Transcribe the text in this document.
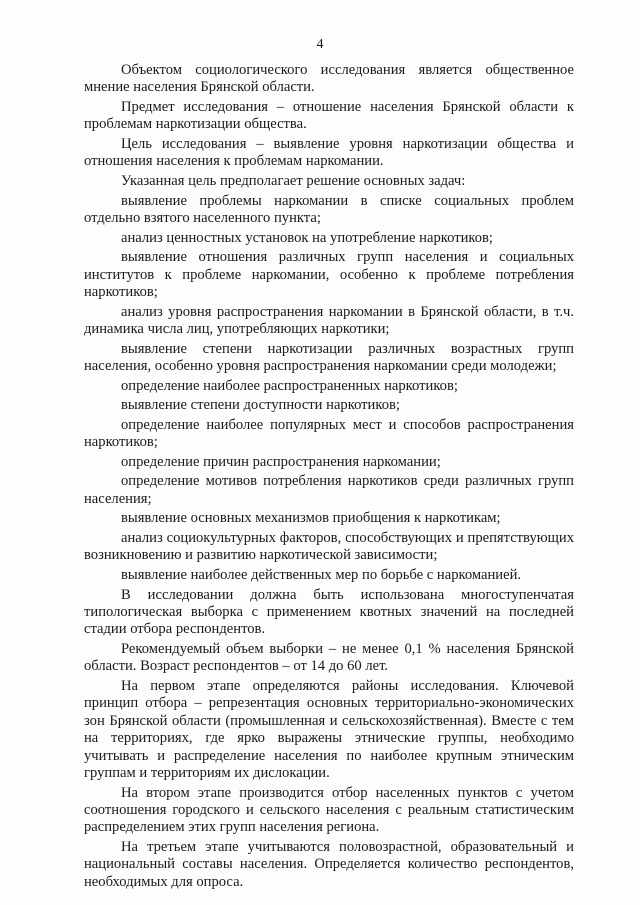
4

Объектом социологического исследования является общественное мнение населения Брянской области.

Предмет исследования – отношение населения Брянской области к проблемам наркотизации общества.

Цель исследования – выявление уровня наркотизации общества и отношения населения к проблемам наркомании.

Указанная цель предполагает решение основных задач:

выявление проблемы наркомании в списке социальных проблем отдельно взятого населенного пункта;

анализ ценностных установок на употребление наркотиков;

выявление отношения различных групп населения и социальных институтов к проблеме наркомании, особенно к проблеме потребления наркотиков;

анализ уровня распространения наркомании в Брянской области, в т.ч. динамика числа лиц, употребляющих наркотики;

выявление степени наркотизации различных возрастных групп населения, особенно уровня распространения наркомании среди молодежи;

определение наиболее распространенных наркотиков;

выявление степени доступности наркотиков;

определение наиболее популярных мест и способов распространения наркотиков;

определение причин распространения наркомании;

определение мотивов потребления наркотиков среди различных групп населения;

выявление основных механизмов приобщения к наркотикам;

анализ социокультурных факторов, способствующих и препятствующих возникновению и развитию наркотической зависимости;

выявление наиболее действенных мер по борьбе с наркоманией.

В исследовании должна быть использована многоступенчатая типологическая выборка с применением квотных значений на последней стадии отбора респондентов.

Рекомендуемый объем выборки – не менее 0,1 % населения Брянской области. Возраст респондентов – от 14 до 60 лет.

На первом этапе определяются районы исследования. Ключевой принцип отбора – репрезентация основных территориально-экономических зон Брянской области (промышленная и сельскохозяйственная). Вместе с тем на территориях, где ярко выражены этнические группы, необходимо учитывать и распределение населения по наиболее крупным этническим группам и территориям их дислокации.

На втором этапе производится отбор населенных пунктов с учетом соотношения городского и сельского населения с реальным статистическим распределением этих групп населения региона.

На третьем этапе учитываются половозрастной, образовательный и национальный составы населения. Определяется количество респондентов, необходимых для опроса.
